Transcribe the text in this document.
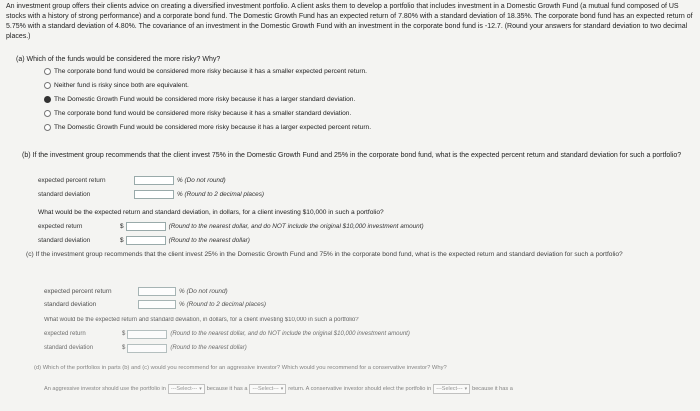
An investment group offers their clients advice on creating a diversified investment portfolio. A client asks them to develop a portfolio that includes investment in a Domestic Growth Fund (a mutual fund composed of US stocks with a history of strong performance) and a corporate bond fund. The Domestic Growth Fund has an expected return of 7.80% with a standard deviation of 18.35%. The corporate bond fund has an expected return of 5.75% with a standard deviation of 4.80%. The covariance of an investment in the Domestic Growth Fund with an investment in the corporate bond fund is -12.7. (Round your answers for standard deviation to two decimal places.)
(a) Which of the funds would be considered the more risky? Why?
The corporate bond fund would be considered more risky because it has a smaller expected percent return.
Neither fund is risky since both are equivalent.
The Domestic Growth Fund would be considered more risky because it has a larger standard deviation.
The corporate bond fund would be considered more risky because it has a smaller standard deviation.
The Domestic Growth Fund would be considered more risky because it has a larger expected percent return.
(b) If the investment group recommends that the client invest 75% in the Domestic Growth Fund and 25% in the corporate bond fund, what is the expected percent return and standard deviation for such a portfolio?
expected percent return	% (Do not round)
standard deviation	% (Round to 2 decimal places)
What would be the expected return and standard deviation, in dollars, for a client investing $10,000 in such a portfolio?
expected return	$	(Round to the nearest dollar, and do NOT include the original $10,000 investment amount)
standard deviation	$	(Round to the nearest dollar)
(c) If the investment group recommends that the client invest 25% in the Domestic Growth Fund and 75% in the corporate bond fund, what is the expected return and standard deviation for such a portfolio?
expected percent return	% (Do not round)
standard deviation	% (Round to 2 decimal places)
What would be the expected return and standard deviation, in dollars, for a client investing $10,000 in such a portfolio?
expected return	$	(Round to the nearest dollar, and do NOT include the original $10,000 investment amount)
standard deviation	$	(Round to the nearest dollar)
(d) Which of the portfolios in parts (b) and (c) would you recommend for an aggressive investor? Which would you recommend for a conservative investor? Why?
An aggressive investor should use the portfolio in ---Select--- ▾ because it has a ---Select--- ▾ return. A conservative investor should elect the portfolio in ---Select--- ▾ because it has a
